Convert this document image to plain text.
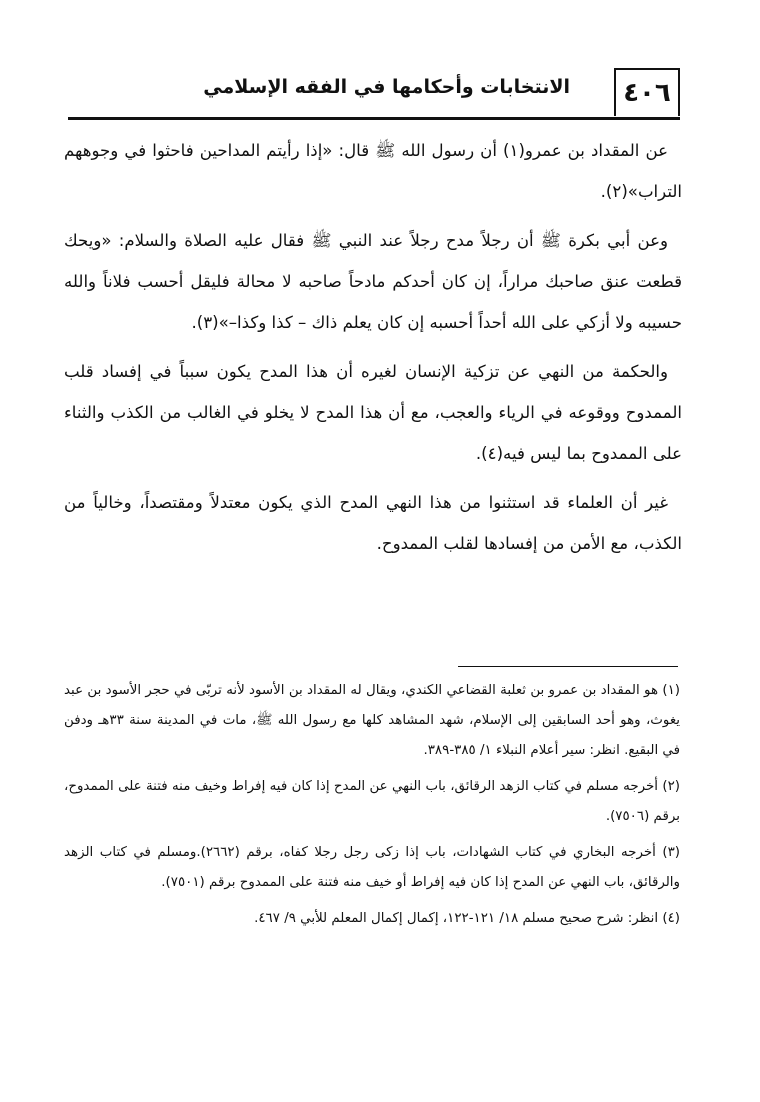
٤٠٦
الانتخابات وأحكامها في الفقه الإسلامي

عن المقداد بن عمرو(١) أن رسول الله ﷺ قال: «إذا رأيتم المداحين فاحثوا في وجوههم التراب»(٢).

وعن أبي بكرة ﷺ أن رجلاً مدح رجلاً عند النبي ﷺ فقال عليه الصلاة والسلام: «ويحك قطعت عنق صاحبك مراراً، إن كان أحدكم مادحاً صاحبه لا محالة فليقل أحسب فلاناً والله حسيبه ولا أزكي على الله أحداً أحسبه إن كان يعلم ذاك – كذا وكذا–»(٣).

والحكمة من النهي عن تزكية الإنسان لغيره أن هذا المدح يكون سبباً في إفساد قلب الممدوح ووقوعه في الرياء والعجب، مع أن هذا المدح لا يخلو في الغالب من الكذب والثناء على الممدوح بما ليس فيه(٤).

غير أن العلماء قد استثنوا من هذا النهي المدح الذي يكون معتدلاً ومقتصداً، وخالياً من الكذب، مع الأمن من إفسادها لقلب الممدوح.

(١) هو المقداد بن عمرو بن ثعلبة القضاعي الكندي، ويقال له المقداد بن الأسود لأنه تربّى في حجر الأسود بن عبد يغوث، وهو أحد السابقين إلى الإسلام، شهد المشاهد كلها مع رسول الله ﷺ، مات في المدينة سنة ٣٣هـ ودفن في البقيع. انظر: سير أعلام النبلاء ١/ ٣٨٥-٣٨٩.

(٢) أخرجه مسلم في كتاب الزهد الرقائق، باب النهي عن المدح إذا كان فيه إفراط وخيف منه فتنة على الممدوح، برقم (٧٥٠٦).

(٣) أخرجه البخاري في كتاب الشهادات، باب إذا زكى رجل رجلا كفاه، برقم (٢٦٦٢).ومسلم في كتاب الزهد والرقائق، باب النهي عن المدح إذا كان فيه إفراط أو خيف منه فتنة على الممدوح برقم (٧٥٠١).

(٤) انظر: شرح صحيح مسلم ١٨/ ١٢١-١٢٢، إكمال إكمال المعلم للأبي ٩/ ٤٦٧.
